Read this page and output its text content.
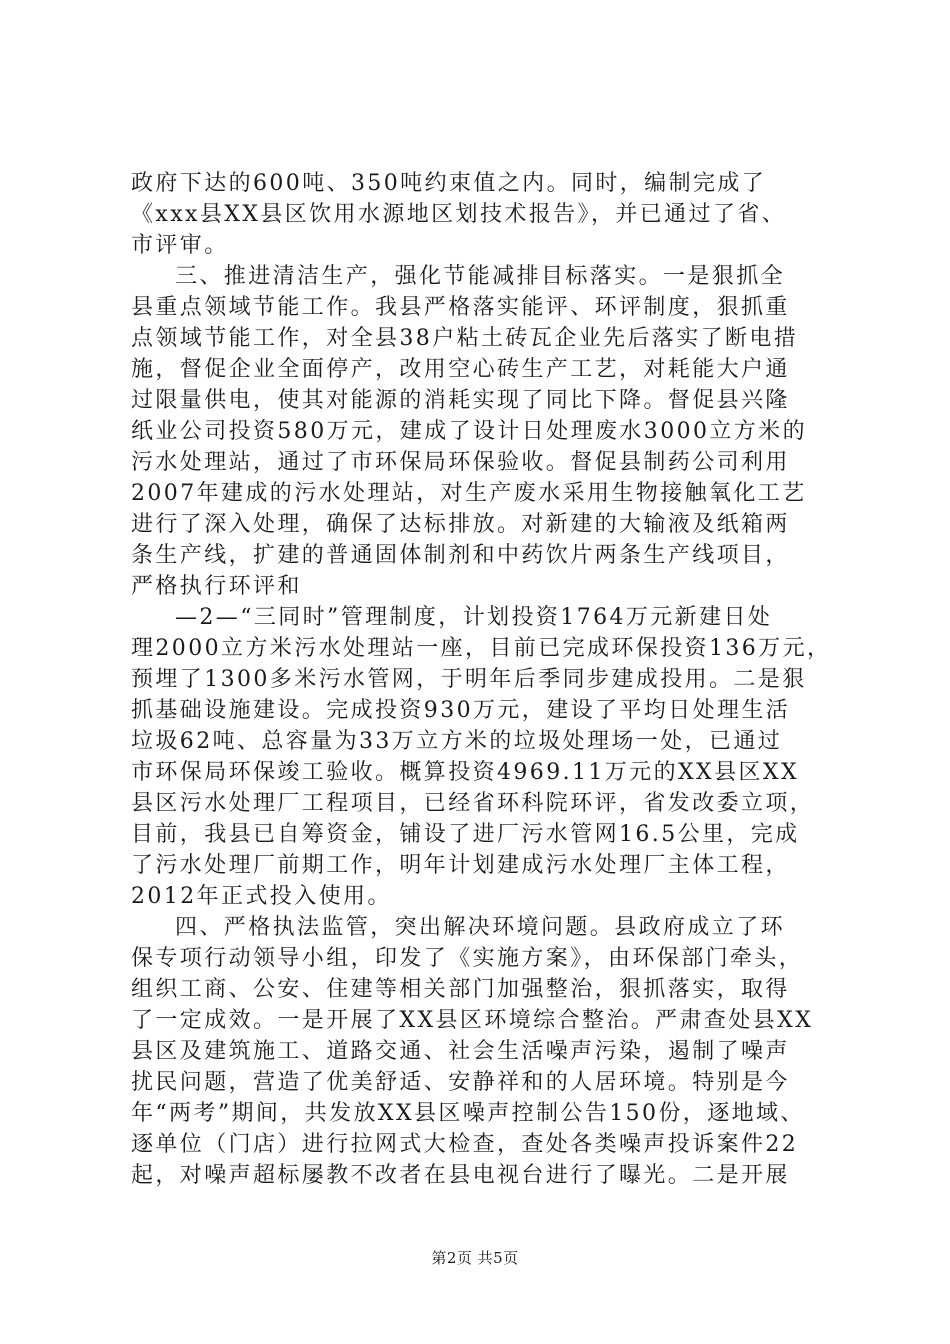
政府下达的600吨、350吨约束值之内。同时，编制完成了
《xxx县XX县区饮用水源地区划技术报告》，并已通过了省、
市评审。
三、推进清洁生产，强化节能减排目标落实。一是狠抓全
县重点领域节能工作。我县严格落实能评、环评制度，狠抓重
点领域节能工作，对全县38户粘土砖瓦企业先后落实了断电措
施，督促企业全面停产，改用空心砖生产工艺，对耗能大户通
过限量供电，使其对能源的消耗实现了同比下降。督促县兴隆
纸业公司投资580万元，建成了设计日处理废水3000立方米的
污水处理站，通过了市环保局环保验收。督促县制药公司利用
2007年建成的污水处理站，对生产废水采用生物接触氧化工艺
进行了深入处理，确保了达标排放。对新建的大输液及纸箱两
条生产线，扩建的普通固体制剂和中药饮片两条生产线项目，
严格执行环评和
—2—“三同时”管理制度，计划投资1764万元新建日处
理2000立方米污水处理站一座，目前已完成环保投资136万元，
预埋了1300多米污水管网，于明年后季同步建成投用。二是狠
抓基础设施建设。完成投资930万元，建设了平均日处理生活
垃圾62吨、总容量为33万立方米的垃圾处理场一处，已通过
市环保局环保竣工验收。概算投资4969.11万元的XX县区XX
县区污水处理厂工程项目，已经省环科院环评，省发改委立项，
目前，我县已自筹资金，铺设了进厂污水管网16.5公里，完成
了污水处理厂前期工作，明年计划建成污水处理厂主体工程，
2012年正式投入使用。
四、严格执法监管，突出解决环境问题。县政府成立了环
保专项行动领导小组，印发了《实施方案》，由环保部门牵头，
组织工商、公安、住建等相关部门加强整治，狠抓落实，取得
了一定成效。一是开展了XX县区环境综合整治。严肃查处县XX
县区及建筑施工、道路交通、社会生活噪声污染，遏制了噪声
扰民问题，营造了优美舒适、安静祥和的人居环境。特别是今
年“两考”期间，共发放XX县区噪声控制公告150份，逐地域、
逐单位（门店）进行拉网式大检查，查处各类噪声投诉案件22
起，对噪声超标屡教不改者在县电视台进行了曝光。二是开展
第2页 共5页
